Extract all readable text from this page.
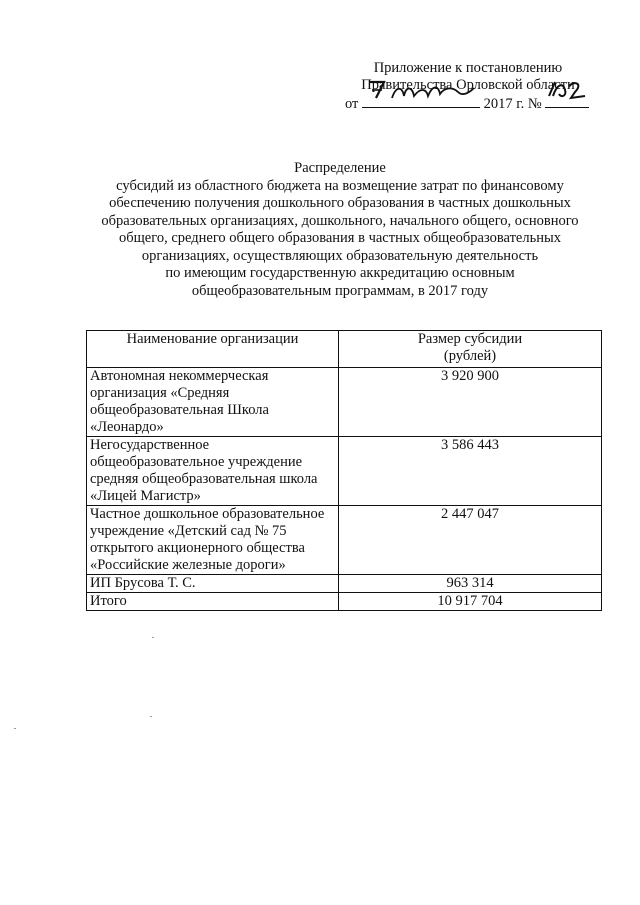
Приложение к постановлению
Правительства Орловской области
от	2017 г. №
Распределение
субсидий из областного бюджета на возмещение затрат по финансовому
обеспечению получения дошкольного образования в частных дошкольных
образовательных организациях, дошкольного, начального общего, основного
общего, среднего общего образования в частных общеобразовательных
организациях, осуществляющих образовательную деятельность
по имеющим государственную аккредитацию основным
общеобразовательным программам, в 2017 году
Наименование организации	Размер субсидии
(рублей)
Автономная некоммерческая организация «Средняя общеобразовательная Школа «Леонардо»	3 920 900
Негосударственное общеобразовательное учреждение средняя общеобразовательная школа «Лицей Магистр»	3 586 443
Частное дошкольное образовательное учреждение «Детский сад № 75 открытого акционерного общества «Российские железные дороги»	2 447 047
ИП Брусова Т. С.	963 314
Итого	10 917 704
